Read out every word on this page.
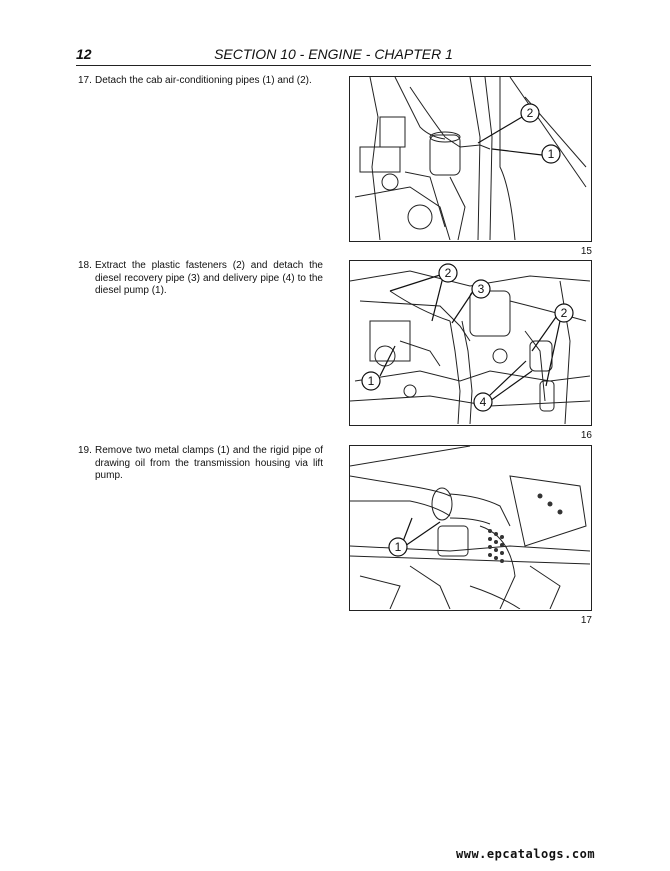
12	SECTION 10 - ENGINE - CHAPTER 1
17. Detach the cab air-conditioning pipes (1) and (2).
2
1
15
18. Extract the plastic fasteners (2) and detach the diesel recovery pipe (3) and delivery pipe (4) to the diesel pump (1).
2
3
2
1
4
16
19. Remove two metal clamps (1) and the rigid pipe of drawing oil from the transmission housing via lift pump.
1
17
www.epcatalogs.com
